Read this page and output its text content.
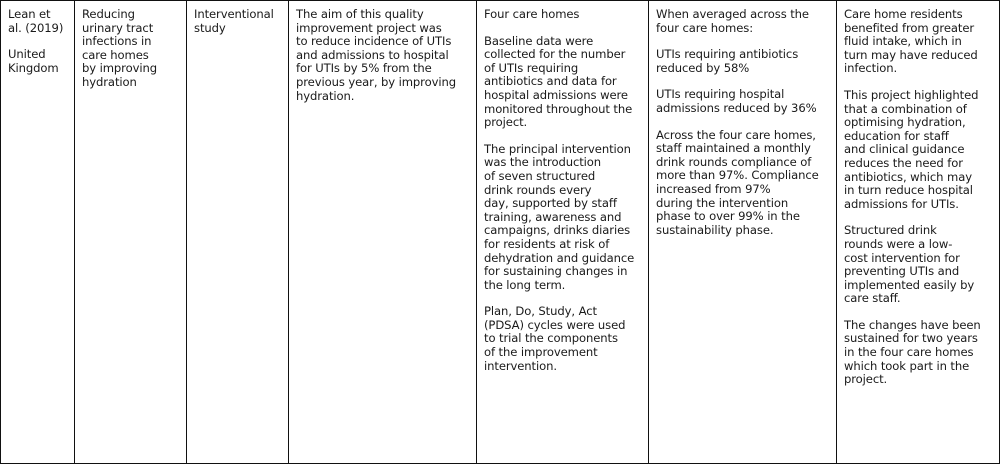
Lean et
al. (2019)
United
Kingdom

Reducing
urinary tract
infections in
care homes
by improving
hydration

Interventional
study

The aim of this quality
improvement project was
to reduce incidence of UTIs
and admissions to hospital
for UTIs by 5% from the
previous year, by improving
hydration.

Four care homes
Baseline data were
collected for the number
of UTIs requiring
antibiotics and data for
hospital admissions were
monitored throughout the
project.
The principal intervention
was the introduction
of seven structured
drink rounds every
day, supported by staff
training, awareness and
campaigns, drinks diaries
for residents at risk of
dehydration and guidance
for sustaining changes in
the long term.
Plan, Do, Study, Act
(PDSA) cycles were used
to trial the components
of the improvement
intervention.

When averaged across the
four care homes:
UTIs requiring antibiotics
reduced by 58%
UTIs requiring hospital
admissions reduced by 36%
Across the four care homes,
staff maintained a monthly
drink rounds compliance of
more than 97%. Compliance
increased from 97%
during the intervention
phase to over 99% in the
sustainability phase.

Care home residents
benefited from greater
fluid intake, which in
turn may have reduced
infection.
This project highlighted
that a combination of
optimising hydration,
education for staff
and clinical guidance
reduces the need for
antibiotics, which may
in turn reduce hospital
admissions for UTIs.
Structured drink
rounds were a low-
cost intervention for
preventing UTIs and
implemented easily by
care staff.
The changes have been
sustained for two years
in the four care homes
which took part in the
project.
